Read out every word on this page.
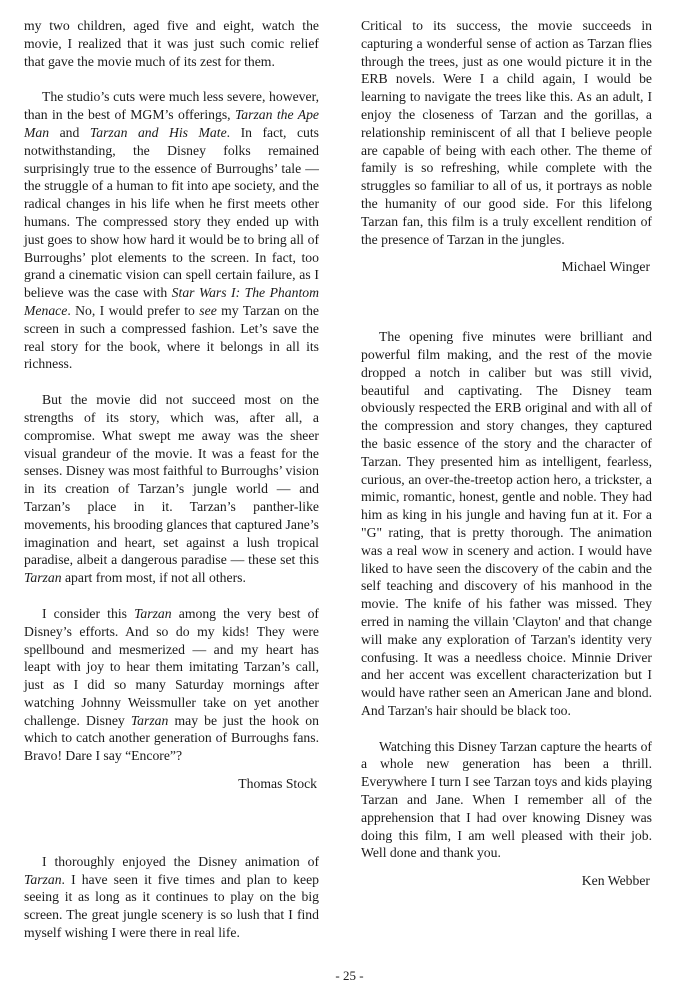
my two children, aged five and eight, watch the movie, I realized that it was just such comic relief that gave the movie much of its zest for them.

The studio’s cuts were much less severe, however, than in the best of MGM’s offerings, Tarzan the Ape Man and Tarzan and His Mate. In fact, cuts notwithstanding, the Disney folks remained surprisingly true to the essence of Burroughs’ tale — the struggle of a human to fit into ape society, and the radical changes in his life when he first meets other humans. The compressed story they ended up with just goes to show how hard it would be to bring all of Burroughs’ plot elements to the screen. In fact, too grand a cinematic vision can spell certain failure, as I believe was the case with Star Wars I: The Phantom Menace. No, I would prefer to see my Tarzan on the screen in such a compressed fashion. Let’s save the real story for the book, where it belongs in all its richness.

But the movie did not succeed most on the strengths of its story, which was, after all, a compromise. What swept me away was the sheer visual grandeur of the movie. It was a feast for the senses. Disney was most faithful to Burroughs’ vision in its creation of Tarzan’s jungle world — and Tarzan’s place in it. Tarzan’s panther-like movements, his brooding glances that captured Jane’s imagination and heart, set against a lush tropical paradise, albeit a dangerous paradise — these set this Tarzan apart from most, if not all others.

I consider this Tarzan among the very best of Disney’s efforts. And so do my kids! They were spellbound and mesmerized — and my heart has leapt with joy to hear them imitating Tarzan’s call, just as I did so many Saturday mornings after watching Johnny Weissmuller take on yet another challenge. Disney Tarzan may be just the hook on which to catch another generation of Burroughs fans. Bravo! Dare I say “Encore”?

Thomas Stock

I thoroughly enjoyed the Disney animation of Tarzan. I have seen it five times and plan to keep seeing it as long as it continues to play on the big screen. The great jungle scenery is so lush that I find myself wishing I were there in real life.

Critical to its success, the movie succeeds in capturing a wonderful sense of action as Tarzan flies through the trees, just as one would picture it in the ERB novels. Were I a child again, I would be learning to navigate the trees like this. As an adult, I enjoy the closeness of Tarzan and the gorillas, a relationship reminiscent of all that I believe people are capable of being with each other. The theme of family is so refreshing, while complete with the struggles so familiar to all of us, it portrays as noble the humanity of our good side. For this lifelong Tarzan fan, this film is a truly excellent rendition of the presence of Tarzan in the jungles.

Michael Winger

The opening five minutes were brilliant and powerful film making, and the rest of the movie dropped a notch in caliber but was still vivid, beautiful and captivating. The Disney team obviously respected the ERB original and with all of the compression and story changes, they captured the basic essence of the story and the character of Tarzan. They presented him as intelligent, fearless, curious, an over-the-treetop action hero, a trickster, a mimic, romantic, honest, gentle and noble. They had him as king in his jungle and having fun at it. For a "G" rating, that is pretty thorough. The animation was a real wow in scenery and action. I would have liked to have seen the discovery of the cabin and the self teaching and discovery of his manhood in the movie. The knife of his father was missed. They erred in naming the villain 'Clayton' and that change will make any exploration of Tarzan's identity very confusing. It was a needless choice. Minnie Driver and her accent was excellent characterization but I would have rather seen an American Jane and blond. And Tarzan's hair should be black too.

Watching this Disney Tarzan capture the hearts of a whole new generation has been a thrill. Everywhere I turn I see Tarzan toys and kids playing Tarzan and Jane. When I remember all of the apprehension that I had over knowing Disney was doing this film, I am well pleased with their job. Well done and thank you.

Ken Webber

- 25 -
